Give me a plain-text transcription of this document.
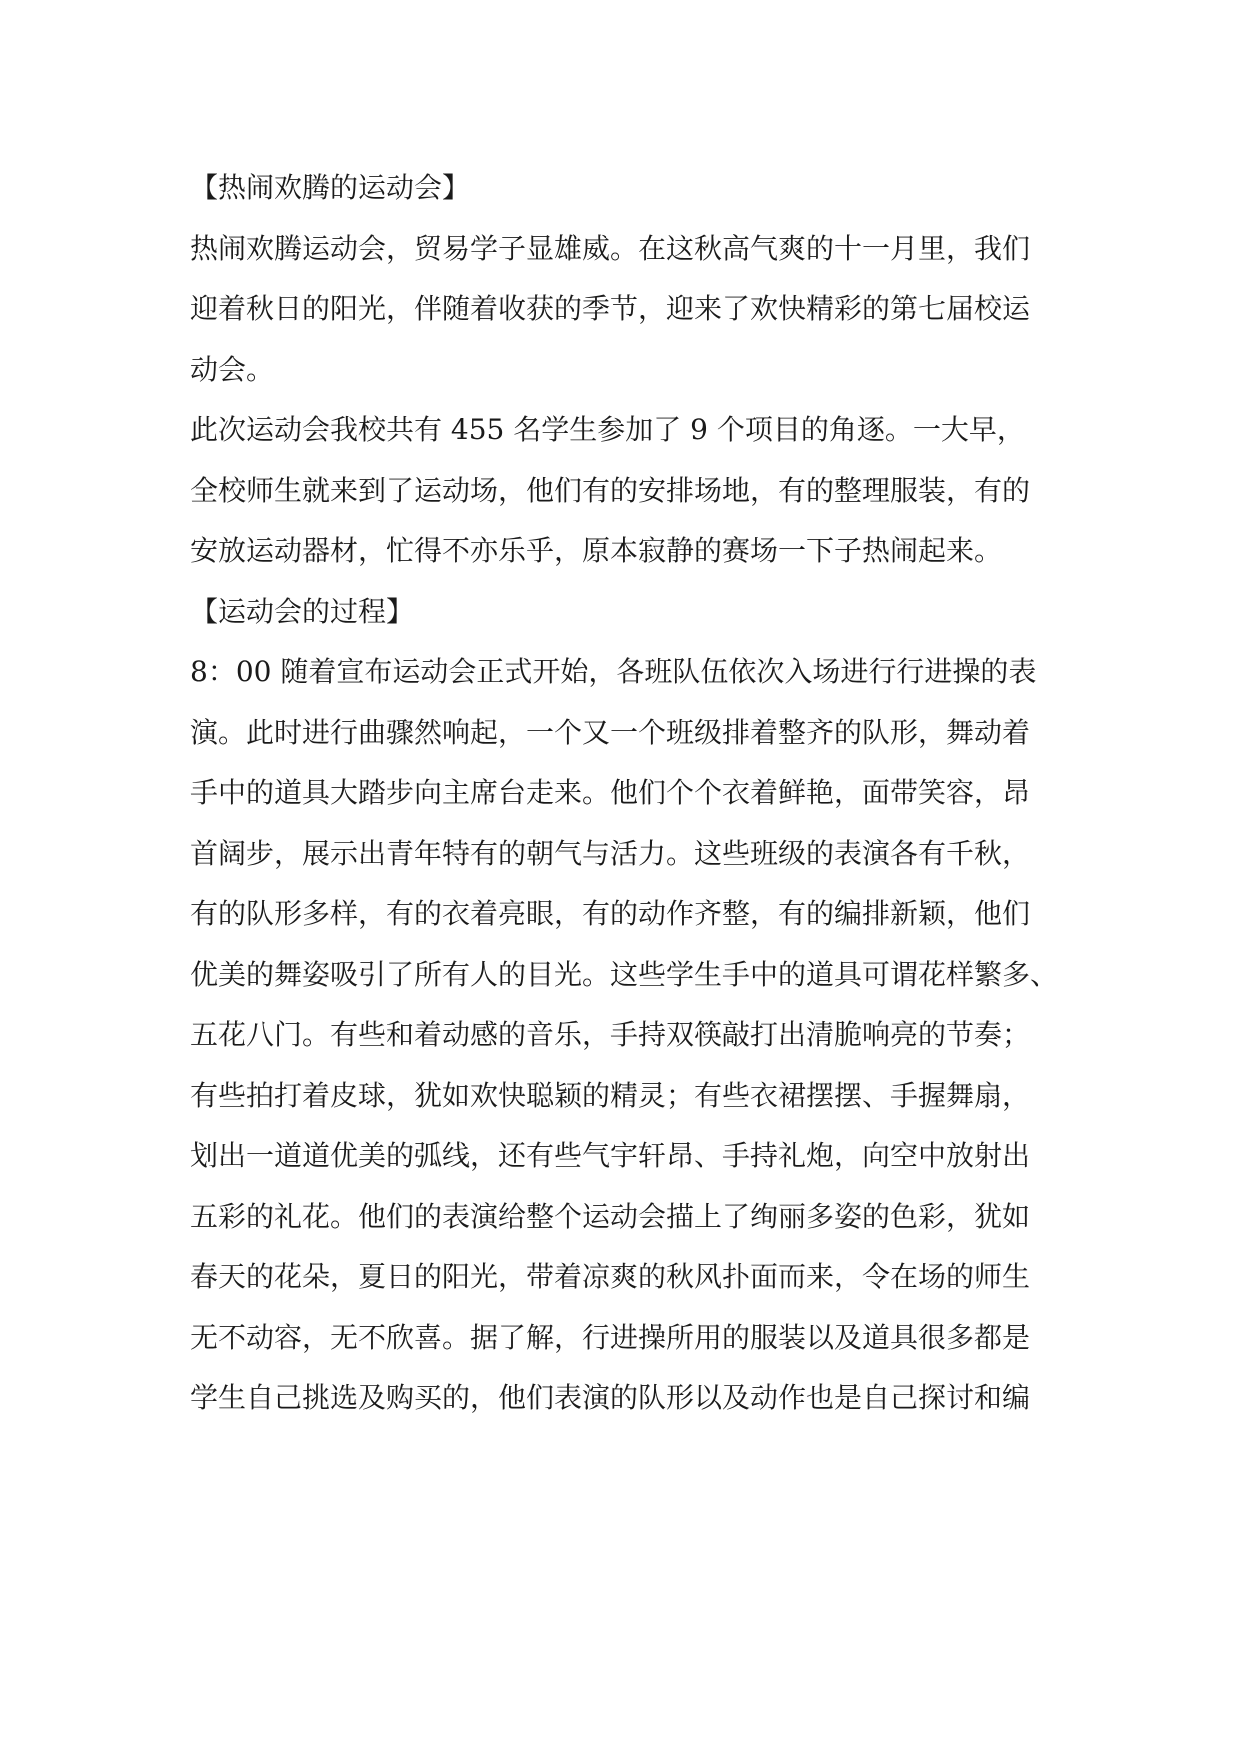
【热闹欢腾的运动会】
热闹欢腾运动会，贸易学子显雄威。在这秋高气爽的十一月里，我们
迎着秋日的阳光，伴随着收获的季节，迎来了欢快精彩的第七届校运
动会。
此次运动会我校共有 455 名学生参加了 9 个项目的角逐。一大早，
全校师生就来到了运动场，他们有的安排场地，有的整理服装，有的
安放运动器材，忙得不亦乐乎，原本寂静的赛场一下子热闹起来。
【运动会的过程】
8：00 随着宣布运动会正式开始，各班队伍依次入场进行行进操的表
演。此时进行曲骤然响起，一个又一个班级排着整齐的队形，舞动着
手中的道具大踏步向主席台走来。他们个个衣着鲜艳，面带笑容，昂
首阔步，展示出青年特有的朝气与活力。这些班级的表演各有千秋，
有的队形多样，有的衣着亮眼，有的动作齐整，有的编排新颖，他们
优美的舞姿吸引了所有人的目光。这些学生手中的道具可谓花样繁多、
五花八门。有些和着动感的音乐，手持双筷敲打出清脆响亮的节奏；
有些拍打着皮球，犹如欢快聪颖的精灵；有些衣裙摆摆、手握舞扇，
划出一道道优美的弧线，还有些气宇轩昂、手持礼炮，向空中放射出
五彩的礼花。他们的表演给整个运动会描上了绚丽多姿的色彩，犹如
春天的花朵，夏日的阳光，带着凉爽的秋风扑面而来，令在场的师生
无不动容，无不欣喜。据了解，行进操所用的服装以及道具很多都是
学生自己挑选及购买的，他们表演的队形以及动作也是自己探讨和编
